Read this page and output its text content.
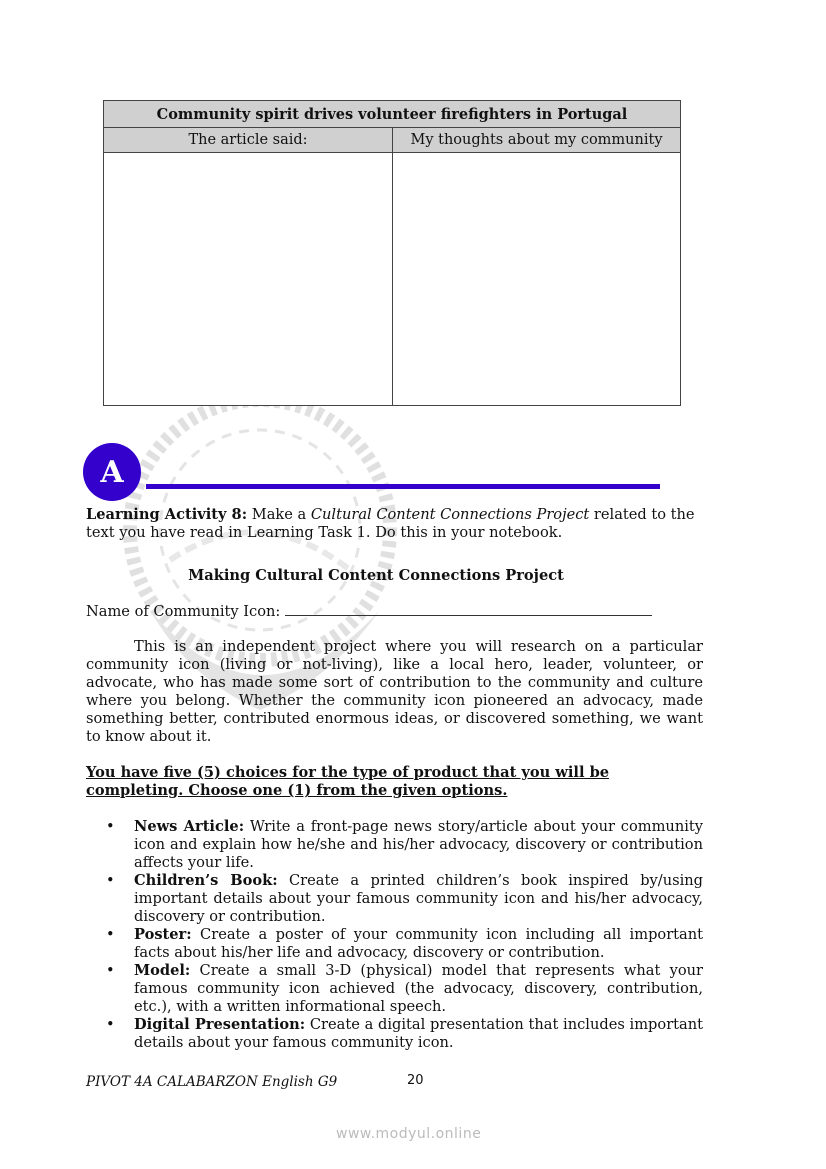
Community spirit drives volunteer firefighters in Portugal	
The article said:	My thoughts about my community

A
Learning Activity 8: Make a Cultural Content Connections Project related to the text you have read in Learning Task 1. Do this in your notebook.
Making Cultural Content Connections Project
Name of Community Icon:
This is an independent project where you will research on a particular community icon (living or not-living), like a local hero, leader, volunteer, or advocate, who has made some sort of contribution to the community and culture where you belong. Whether the community icon pioneered an advocacy, made something better, contributed enormous ideas, or discovered something, we want to know about it.
You have five (5) choices for the type of product that you will be completing. Choose one (1) from the given options.
• News Article: Write a front-page news story/article about your community icon and explain how he/she and his/her advocacy, discovery or contribution affects your life.
• Children’s Book: Create a printed children’s book inspired by/using important details about your famous community icon and his/her advocacy, discovery or contribution.
• Poster: Create a poster of your community icon including all important facts about his/her life and advocacy, discovery or contribution.
• Model: Create a small 3-D (physical) model that represents what your famous community icon achieved (the advocacy, discovery, contribution, etc.), with a written informational speech.
• Digital Presentation: Create a digital presentation that includes important details about your famous community icon.
PIVOT 4A CALABARZON English G9	20
www.modyul.online
